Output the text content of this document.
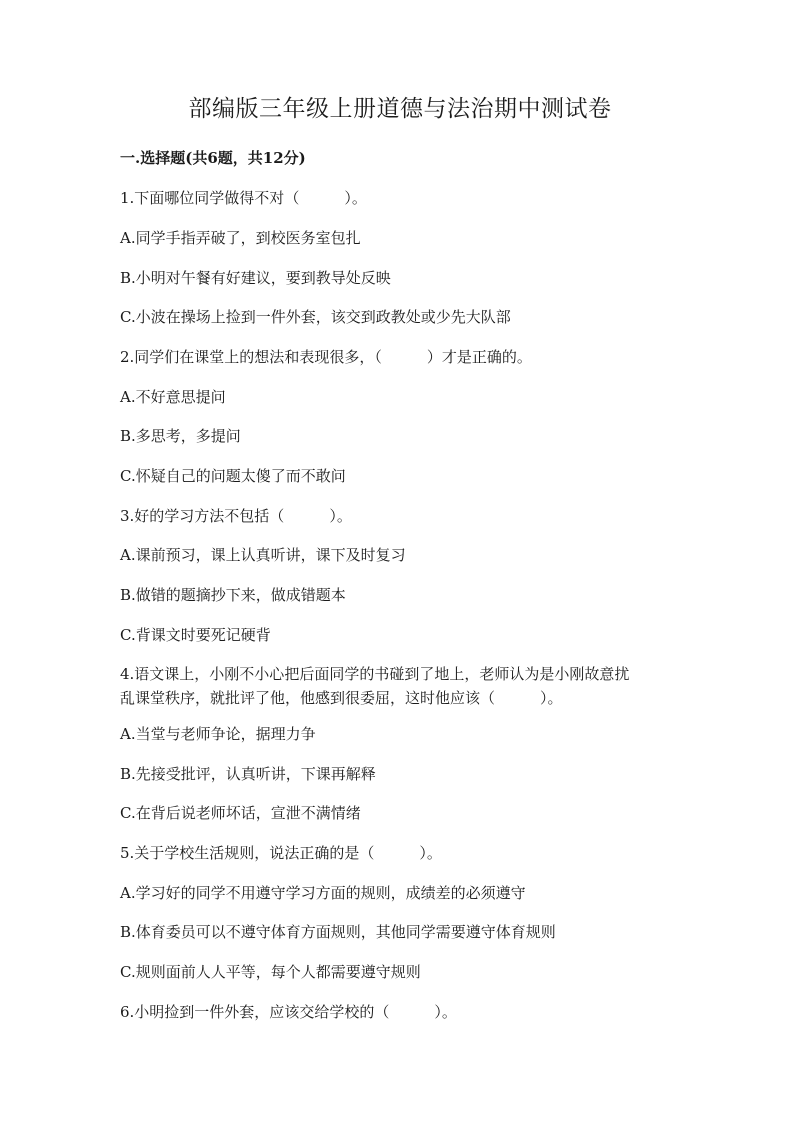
部编版三年级上册道德与法治期中测试卷
一.选择题(共6题，共12分)
1.下面哪位同学做得不对（　　　）。
A.同学手指弄破了，到校医务室包扎
B.小明对午餐有好建议，要到教导处反映
C.小波在操场上捡到一件外套，该交到政教处或少先大队部
2.同学们在课堂上的想法和表现很多，（　　　）才是正确的。
A.不好意思提问
B.多思考，多提问
C.怀疑自己的问题太傻了而不敢问
3.好的学习方法不包括（　　　）。
A.课前预习，课上认真听讲，课下及时复习
B.做错的题摘抄下来，做成错题本
C.背课文时要死记硬背
4.语文课上，小刚不小心把后面同学的书碰到了地上，老师认为是小刚故意扰
乱课堂秩序，就批评了他，他感到很委屈，这时他应该（　　　）。
A.当堂与老师争论，据理力争
B.先接受批评，认真听讲，下课再解释
C.在背后说老师坏话，宣泄不满情绪
5.关于学校生活规则，说法正确的是（　　　）。
A.学习好的同学不用遵守学习方面的规则，成绩差的必须遵守
B.体育委员可以不遵守体育方面规则，其他同学需要遵守体育规则
C.规则面前人人平等，每个人都需要遵守规则
6.小明捡到一件外套，应该交给学校的（　　　）。
